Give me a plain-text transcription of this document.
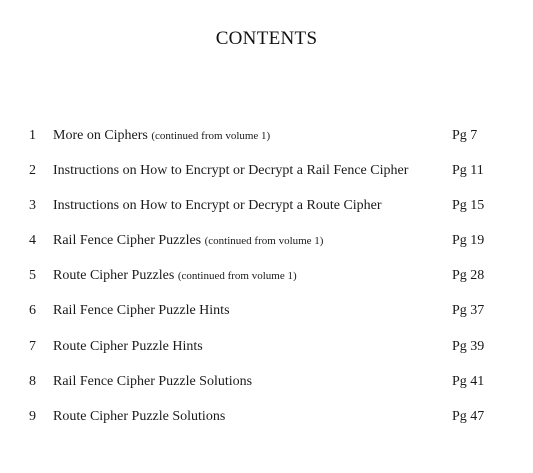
CONTENTS
1	More on Ciphers (continued from volume 1)	Pg 7
2	Instructions on How to Encrypt or Decrypt a Rail Fence Cipher	Pg 11
3	Instructions on How to Encrypt or Decrypt a Route Cipher	Pg 15
4	Rail Fence Cipher Puzzles (continued from volume 1)	Pg 19
5	Route Cipher Puzzles (continued from volume 1)	Pg 28
6	Rail Fence Cipher Puzzle Hints	Pg 37
7	Route Cipher Puzzle Hints	Pg 39
8	Rail Fence Cipher Puzzle Solutions	Pg 41
9	Route Cipher Puzzle Solutions	Pg 47
